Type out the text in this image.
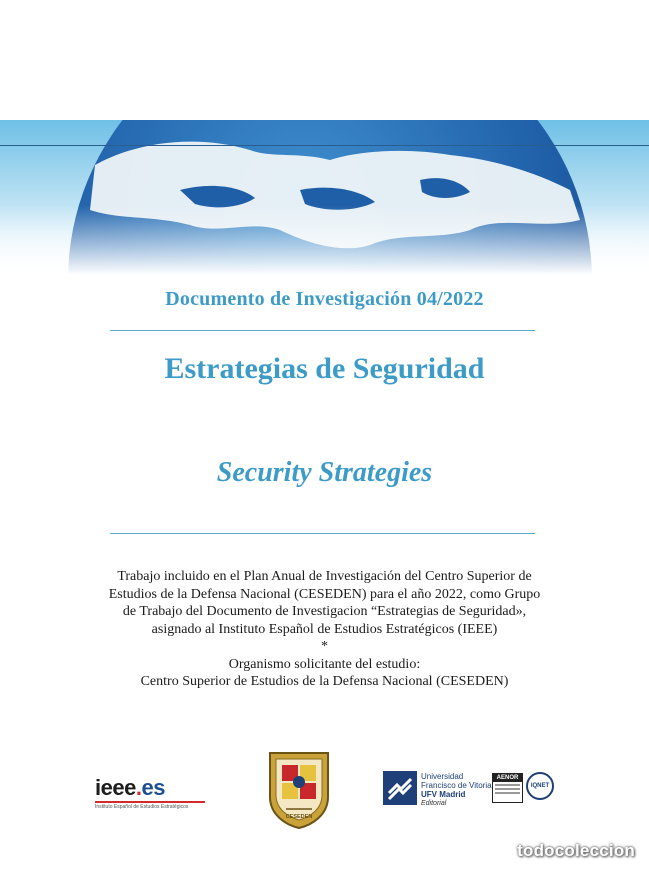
Documento de Investigación 04/2022
Estrategias de Seguridad
Security Strategies
Trabajo incluido en el Plan Anual de Investigación del Centro Superior de
Estudios de la Defensa Nacional (CESEDEN) para el año 2022, como Grupo
de Trabajo del Documento de Investigacion “Estrategias de Seguridad»,
asignado al Instituto Español de Estudios Estratégicos (IEEE)
*
Organismo solicitante del estudio:
Centro Superior de Estudios de la Defensa Nacional (CESEDEN)
ieee.es
Instituto Español de Estudios Estratégicos
CESEDEN
Universidad
Francisco de Vitoria
UFV Madrid
Editorial
AENOR
IQNET
todocoleccion
